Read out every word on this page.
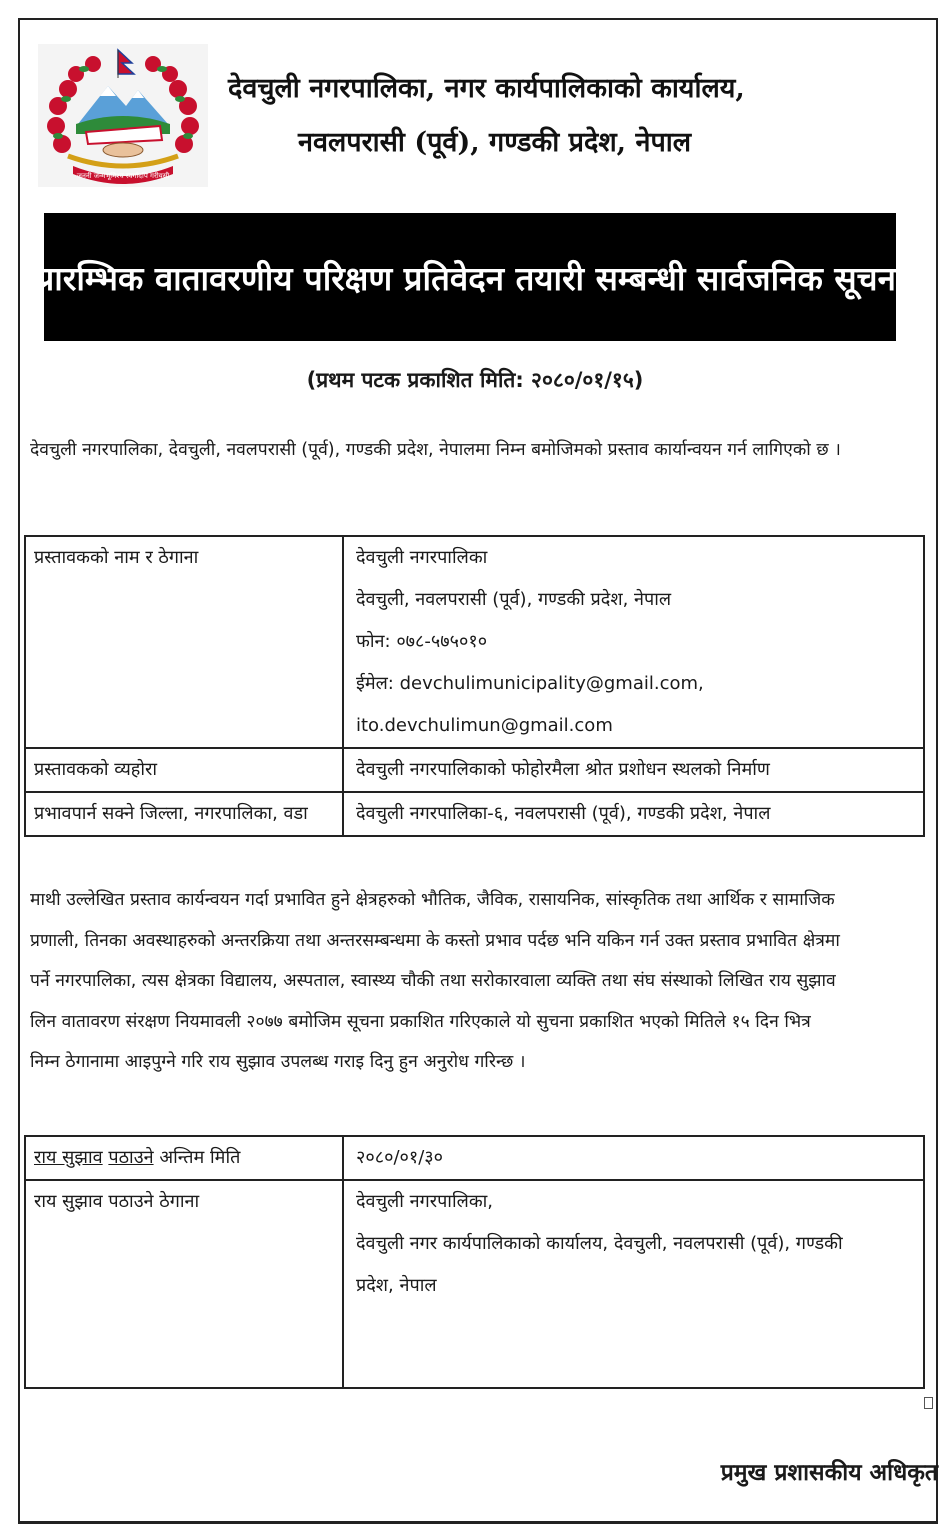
जननी जन्मभूमिश्च स्वर्गादपि गरीयसी
देवचुली नगरपालिका, नगर कार्यपालिकाको कार्यालय,
नवलपरासी (पूर्व), गण्डकी प्रदेश, नेपाल
प्रारम्भिक वातावरणीय परिक्षण प्रतिवेदन तयारी सम्बन्धी सार्वजनिक सूचना
(प्रथम पटक प्रकाशित मिति: २०८०/०१/१५)
देवचुली नगरपालिका, देवचुली, नवलपरासी (पूर्व), गण्डकी प्रदेश, नेपालमा निम्न बमोजिमको प्रस्ताव कार्यान्वयन गर्न लागिएको छ ।
प्रस्तावकको नाम र ठेगाना	देवचुली नगरपालिका
देवचुली, नवलपरासी (पूर्व), गण्डकी प्रदेश, नेपाल
फोन: ०७८-५७५०१०
ईमेल: devchulimunicipality@gmail.com, ito.devchulimun@gmail.com

प्रस्तावकको व्यहोरा	देवचुली नगरपालिकाको फोहोरमैला श्रोत प्रशोधन स्थलको निर्माण
प्रभावपार्न सक्ने जिल्ला, नगरपालिका, वडा	देवचुली नगरपालिका-६, नवलपरासी (पूर्व), गण्डकी प्रदेश, नेपाल

माथी उल्लेखित प्रस्ताव कार्यन्वयन गर्दा प्रभावित हुने क्षेत्रहरुको भौतिक, जैविक, रासायनिक, सांस्कृतिक तथा आर्थिक र सामाजिक

प्रणाली, तिनका अवस्थाहरुको अन्तरक्रिया तथा अन्तरसम्बन्धमा के कस्तो प्रभाव पर्दछ भनि यकिन गर्न उक्त प्रस्ताव प्रभावित क्षेत्रमा

पर्ने नगरपालिका, त्यस क्षेत्रका विद्यालय, अस्पताल, स्वास्थ्य चौकी तथा सरोकारवाला व्यक्ति तथा संघ संस्थाको लिखित राय सुझाव

लिन वातावरण संरक्षण नियमावली २०७७ बमोजिम सूचना प्रकाशित गरिएकाले यो सुचना प्रकाशित भएको मितिले १५ दिन भित्र

निम्न ठेगानामा आइपुग्ने गरि राय सुझाव उपलब्ध गराइ दिनु हुन अनुरोध गरिन्छ ।

राय सुझाव पठाउने अन्तिम मिति	२०८०/०१/३०
राय सुझाव पठाउने ठेगाना	देवचुली नगरपालिका,
देवचुली नगर कार्यपालिकाको कार्यालय, देवचुली, नवलपरासी (पूर्व), गण्डकी
प्रदेश, नेपाल
प्रमुख प्रशासकीय अधिकृत
